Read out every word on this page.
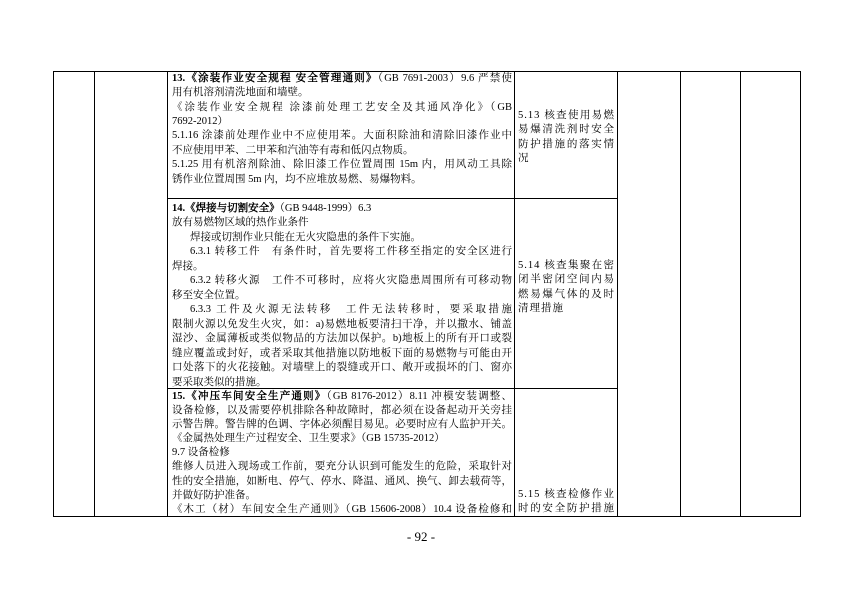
13.《涂装作业安全规程 安全管理通则》（GB 7691-2003）9.6 严禁使
用有机溶剂清洗地面和墙壁。
《涂装作业安全规程 涂漆前处理工艺安全及其通风净化》（GB
7692-2012）
5.1.16 涂漆前处理作业中不应使用苯。大面积除油和清除旧漆作业中
不应使用甲苯、二甲苯和汽油等有毒和低闪点物质。
5.1.25 用有机溶剂除油、除旧漆工作位置周围 15m 内，用风动工具除
锈作业位置周围 5m 内，均不应堆放易燃、易爆物料。
5.13 核查使用易燃
易爆清洗剂时安全
防护措施的落实情
况
14.《焊接与切割安全》（GB 9448-1999）6.3
放有易燃物区域的热作业条件
焊接或切割作业只能在无火灾隐患的条件下实施。
6.3.1 转移工件　有条件时，首先要将工件移至指定的安全区进行
焊接。
6.3.2 转移火源　工件不可移时，应将火灾隐患周围所有可移动物
移至安全位置。
6.3.3 工件及火源无法转移　工件无法转移时，要采取措施
限制火源以免发生火灾，如：a)易燃地板要清扫干净，并以撒水、铺盖
湿沙、金属薄板或类似物品的方法加以保护。b)地板上的所有开口或裂
缝应覆盖或封好，或者采取其他措施以防地板下面的易燃物与可能由开
口处落下的火花接触。对墙壁上的裂缝或开口、敞开或损坏的门、窗亦
要采取类似的措施。
5.14 核查集聚在密
闭半密闭空间内易
燃易爆气体的及时
清理措施
15.《冲压车间安全生产通则》（GB 8176-2012）8.11 冲模安装调整、
设备检修，以及需要停机排除各种故障时，都必须在设备起动开关旁挂
示警告牌。警告牌的色调、字体必须醒目易见。必要时应有人监护开关。
《金属热处理生产过程安全、卫生要求》（GB 15735-2012）
9.7 设备检修
维修人员进入现场或工作前，要充分认识到可能发生的危险，采取针对
性的安全措施，如断电、停气、停水、降温、通风、换气、卸去载荷等，
并做好防护准备。
《木工（材）车间安全生产通则》（GB 15606-2008）10.4 设备检修和
5.15 核查检修作业
时的安全防护措施
- 92 -
